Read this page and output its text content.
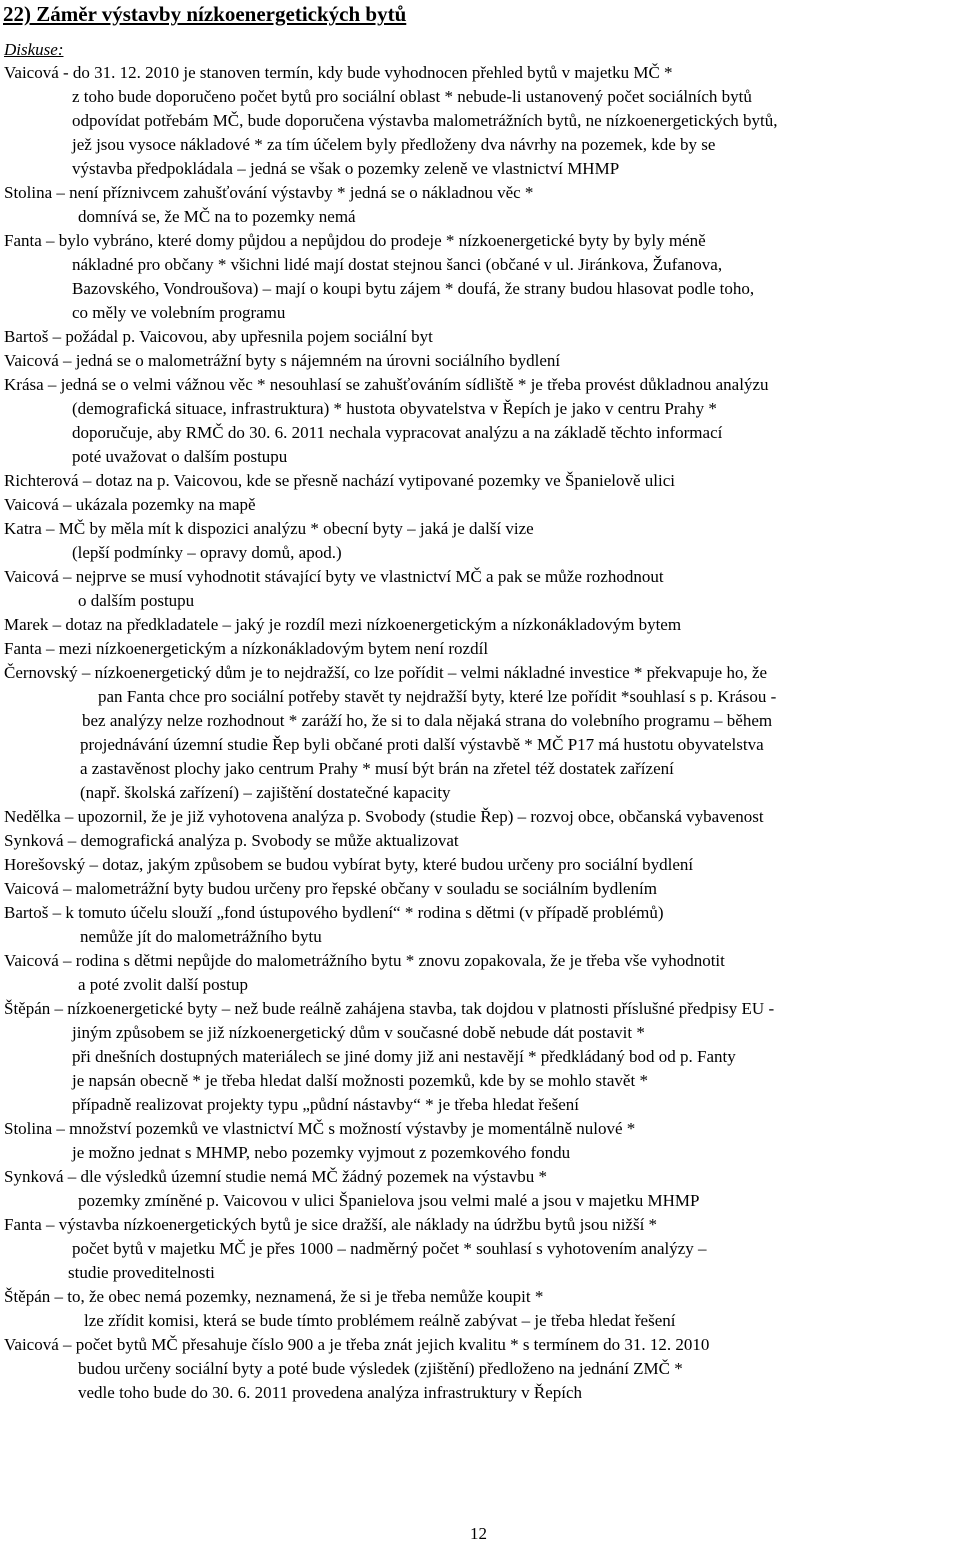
22) Záměr výstavby nízkoenergetických bytů
Diskuse:
Vaicová - do 31. 12. 2010 je stanoven termín, kdy bude vyhodnocen přehled bytů v majetku MČ *
z toho bude doporučeno počet bytů pro sociální oblast * nebude-li ustanovený počet sociálních bytů
odpovídat potřebám MČ, bude doporučena výstavba malometrážních bytů, ne nízkoenergetických bytů,
jež jsou vysoce nákladové * za tím účelem byly předloženy dva návrhy na pozemek, kde by se
výstavba předpokládala – jedná se však o pozemky zeleně ve vlastnictví MHMP
Stolina – není příznivcem zahušťování výstavby * jedná se o nákladnou věc *
domnívá se, že MČ na to pozemky nemá
Fanta – bylo vybráno, které domy půjdou a nepůjdou do prodeje * nízkoenergetické byty by byly méně
nákladné pro občany * všichni lidé mají dostat stejnou šanci (občané v ul. Jiránkova, Žufanova,
Bazovského, Vondroušova) – mají o koupi bytu zájem * doufá, že strany budou hlasovat podle toho,
co měly ve volebním programu
Bartoš – požádal p. Vaicovou, aby upřesnila pojem sociální byt
Vaicová – jedná se o malometrážní byty s nájemném na úrovni sociálního bydlení
Krása – jedná se o velmi vážnou věc * nesouhlasí se zahušťováním sídliště * je třeba provést důkladnou analýzu
(demografická situace, infrastruktura) * hustota obyvatelstva v Řepích je jako v centru Prahy *
doporučuje, aby RMČ do 30. 6. 2011 nechala vypracovat analýzu a na základě těchto informací
poté uvažovat o dalším postupu
Richterová – dotaz na p. Vaicovou, kde se přesně nachází vytipované pozemky ve Španielově ulici
Vaicová – ukázala pozemky na mapě
Katra – MČ by měla mít k dispozici analýzu * obecní byty – jaká je další vize
(lepší podmínky – opravy domů, apod.)
Vaicová – nejprve se musí vyhodnotit stávající byty ve vlastnictví MČ a pak se může rozhodnout
o dalším postupu
Marek – dotaz na předkladatele – jaký je rozdíl mezi nízkoenergetickým a nízkonákladovým bytem
Fanta – mezi nízkoenergetickým a nízkonákladovým bytem není rozdíl
Černovský – nízkoenergetický dům je to nejdražší, co lze pořídit – velmi nákladné investice * překvapuje ho, že
pan Fanta chce pro sociální potřeby stavět ty nejdražší byty, které lze pořídit *souhlasí s p. Krásou -
bez analýzy nelze rozhodnout * zaráží ho, že si to dala nějaká strana do volebního programu – během
projednávání územní studie Řep byli občané proti další výstavbě * MČ P17 má hustotu obyvatelstva
a zastavěnost plochy jako centrum Prahy * musí být brán na zřetel též dostatek zařízení
(např. školská zařízení) – zajištění dostatečné kapacity
Nedělka – upozornil, že je již vyhotovena analýza p. Svobody (studie Řep) – rozvoj obce, občanská vybavenost
Synková – demografická analýza p. Svobody se může aktualizovat
Horešovský – dotaz, jakým způsobem se budou vybírat byty, které budou určeny pro sociální bydlení
Vaicová – malometrážní byty budou určeny pro řepské občany v souladu se sociálním bydlením
Bartoš – k tomuto účelu slouží „fond ústupového bydlení“ * rodina s dětmi (v případě problémů)
nemůže jít do malometrážního bytu
Vaicová – rodina s dětmi nepůjde do malometrážního bytu * znovu zopakovala, že je třeba vše vyhodnotit
a poté zvolit další postup
Štěpán – nízkoenergetické byty – než bude reálně zahájena stavba, tak dojdou v platnosti příslušné předpisy EU -
jiným způsobem se již nízkoenergetický dům v současné době nebude dát postavit *
při dnešních dostupných materiálech se jiné domy již ani nestavějí * předkládaný bod od p. Fanty
je napsán obecně * je třeba hledat další možnosti pozemků, kde by se mohlo stavět *
případně realizovat projekty typu „půdní nástavby“ * je třeba hledat řešení
Stolina – množství pozemků ve vlastnictví MČ s možností výstavby je momentálně nulové *
je možno jednat s MHMP, nebo pozemky vyjmout z pozemkového fondu
Synková – dle výsledků územní studie nemá MČ žádný pozemek na výstavbu *
pozemky zmíněné p. Vaicovou v ulici Španielova jsou velmi malé a jsou v majetku MHMP
Fanta – výstavba nízkoenergetických bytů je sice dražší, ale náklady na údržbu bytů jsou nižší *
počet bytů v majetku MČ je přes 1000 – nadměrný počet * souhlasí s vyhotovením analýzy –
studie proveditelnosti
Štěpán – to, že obec nemá pozemky, neznamená, že si je třeba nemůže koupit *
lze zřídit komisi, která se bude tímto problémem reálně zabývat – je třeba hledat řešení
Vaicová – počet bytů MČ přesahuje číslo 900 a je třeba znát jejich kvalitu * s termínem do 31. 12. 2010
budou určeny sociální byty a poté bude výsledek (zjištění) předloženo na jednání ZMČ *
vedle toho bude do 30. 6. 2011 provedena analýza infrastruktury v Řepích
12
